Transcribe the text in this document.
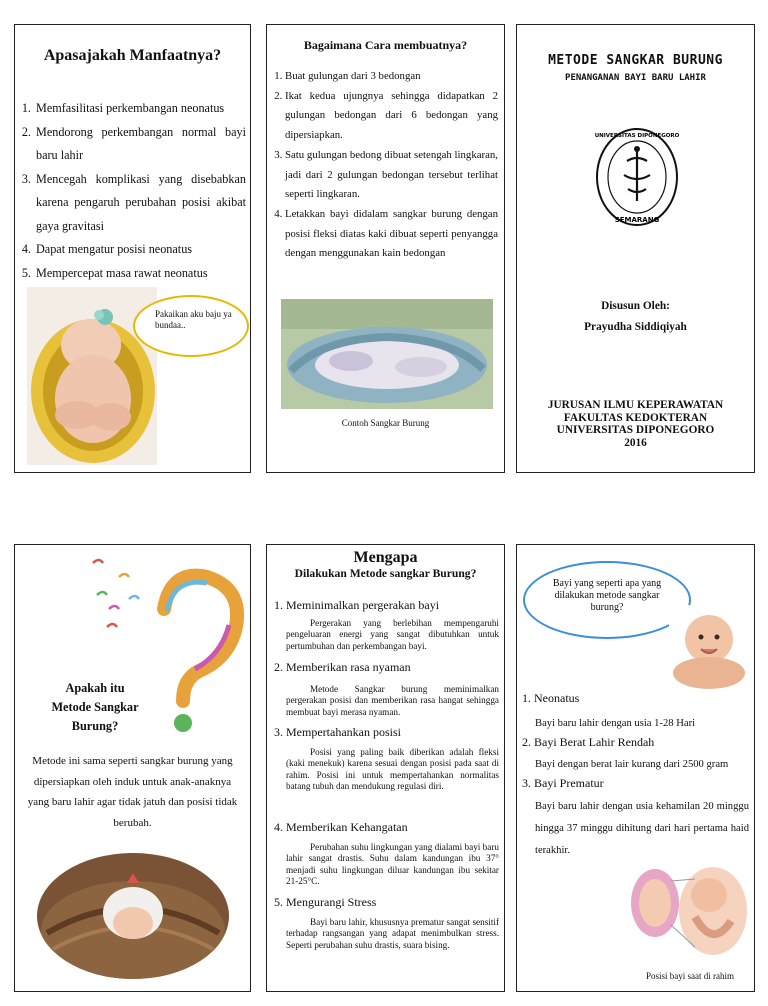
Apasajakah Manfaatnya?
1. Memfasilitasi perkembangan neonatus
2. Mendorong perkembangan normal bayi baru lahir
3. Mencegah komplikasi yang disebabkan karena pengaruh perubahan posisi akibat gaya gravitasi
4. Dapat mengatur posisi neonatus
5. Mempercepat masa rawat neonatus
Pakaikan aku baju ya bundaa..
Bagaimana Cara membuatnya?
1. Buat gulungan dari 3 bedongan
2. Ikat kedua ujungnya sehingga didapatkan 2 gulungan bedongan dari 6 bedongan yang dipersiapkan.
3. Satu gulungan bedong dibuat setengah lingkaran, jadi dari 2 gulungan bedongan tersebut terlihat seperti lingkaran.
4. Letakkan bayi didalam sangkar burung dengan posisi fleksi diatas kaki dibuat seperti penyangga dengan menggunakan kain bedongan
Contoh Sangkar Burung
METODE SANGKAR BURUNG
PENANGANAN BAYI BARU LAHIR
SEMARANG
UNIVERSITAS DIPONEGORO
Disusun Oleh:
Prayudha Siddiqiyah
JURUSAN ILMU KEPERAWATAN
FAKULTAS KEDOKTERAN
UNIVERSITAS DIPONEGORO
2016
Apakah itu
Metode Sangkar
Burung?
Metode ini sama seperti sangkar burung yang dipersiapkan oleh induk untuk anak-anaknya yang baru lahir agar tidak jatuh dan posisi tidak berubah.
Mengapa
Dilakukan Metode sangkar Burung?
1. Meminimalkan pergerakan bayi
Pergerakan yang berlebihan mempengaruhi pengeluaran energi yang sangat dibutuhkan untuk pertumbuhan dan perkembangan bayi.
2. Memberikan rasa nyaman
Metode Sangkar burung meminimalkan pergerakan posisi dan memberikan rasa hangat sehingga membuat bayi merasa nyaman.
3. Mempertahankan posisi
Posisi yang paling baik diberikan adalah fleksi (kaki menekuk) karena sesuai dengan posisi pada saat di rahim. Posisi ini untuk mempertahankan normalitas batang tubuh dan mendukung regulasi diri.
4. Memberikan Kehangatan
Perubahan suhu lingkungan yang dialami bayi baru lahir sangat drastis. Suhu dalam kandungan ibu 37° menjadi suhu lingkungan diluar kandungan ibu sekitar 21-25°C.
5. Mengurangi Stress
Bayi baru lahir, khususnya prematur sangat sensitif terhadap rangsangan yang adapat menimbulkan stress. Seperti perubahan suhu drastis, suara bising.
Bayi yang seperti apa yang dilakukan metode sangkar burung?
1. Neonatus
Bayi baru lahir dengan usia 1-28 Hari
2. Bayi Berat Lahir Rendah
Bayi dengan berat lair kurang dari 2500 gram
3. Bayi Prematur
Bayi baru lahir dengan usia kehamilan 20 minggu hingga 37 minggu dihitung dari hari pertama haid terakhir.
Posisi bayi saat di rahim
